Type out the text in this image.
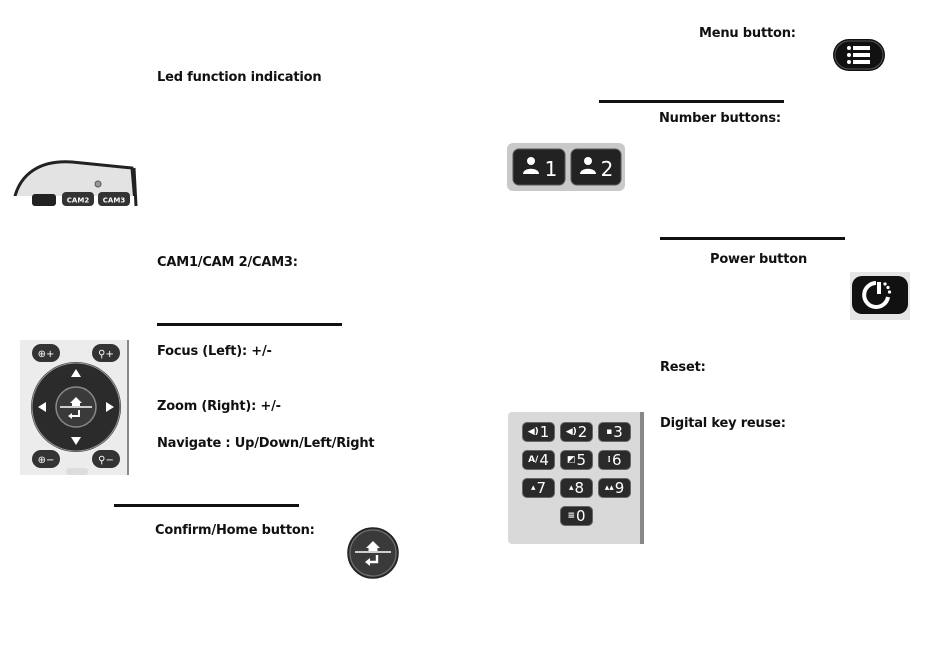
Led function indication
CAM2 CAM3
CAM1/CAM 2/CAM3:
⊕+	⚲+
⊕−	⚲−
Focus (Left): +/-
Zoom (Right): +/-
Navigate : Up/Down/Left/Right
Confirm/Home button:
Menu button:
Number buttons:
1 2
Power button
Reset:
Digital key reuse:
◀) 1 ◀) 2 ▪ 3
A/ 4 ◩ 5 ⁞ 6
▴ 7	▴ 8 ▴▴ 9
≡ 0
